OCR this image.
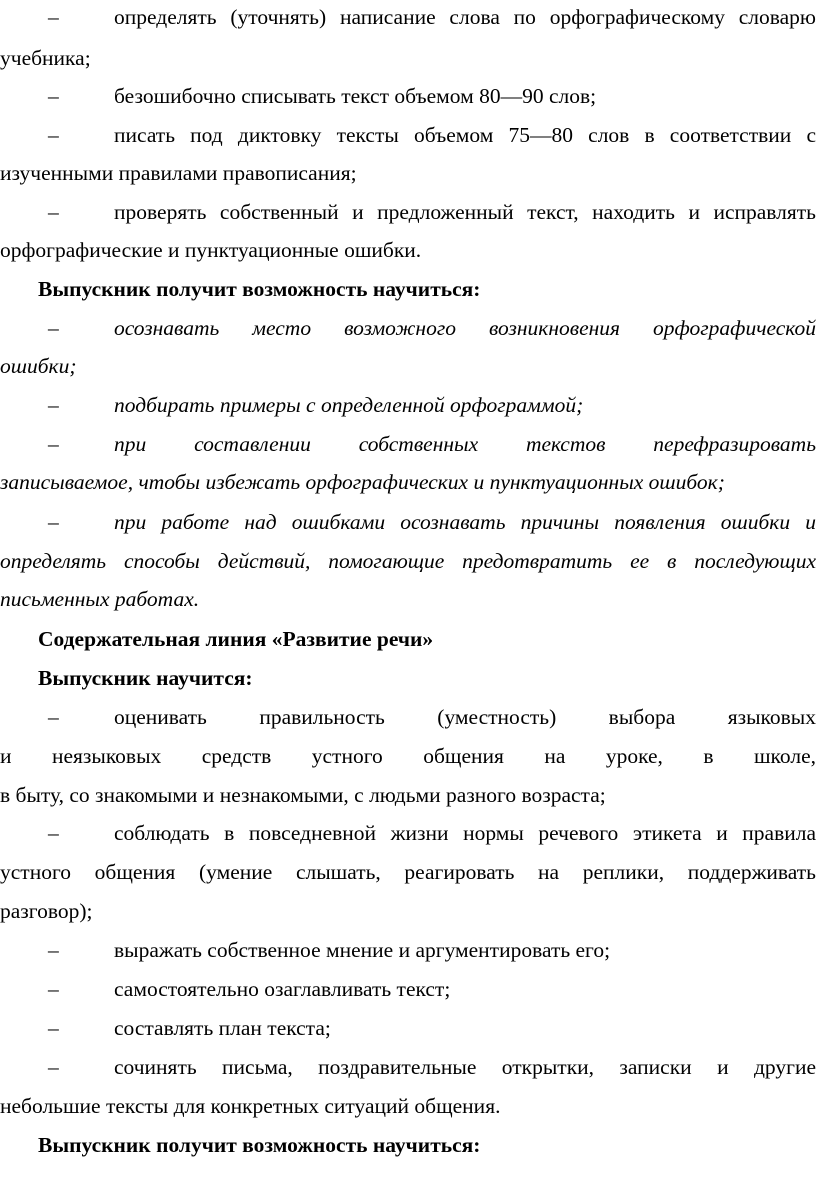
–	определять (уточнять) написание слова по орфографическому словарю
учебника;
–	безошибочно списывать текст объемом 80—90 слов;
–	писать под диктовку тексты объемом 75—80 слов в соответствии с
изученными правилами правописания;
–	проверять собственный и предложенный текст, находить и исправлять
орфографические и пунктуационные ошибки.
Выпускник получит возможность научиться:
–	осознавать место возможного возникновения орфографической
ошибки;
–	подбирать примеры с определенной орфограммой;
–	при составлении собственных текстов перефразировать
записываемое, чтобы избежать орфографических и пунктуационных ошибок;
–	при работе над ошибками осознавать причины появления ошибки и
определять способы действий, помогающие предотвратить ее в последующих
письменных работах.
Содержательная линия «Развитие речи»
Выпускник научится:
–	оценивать правильность (уместность) выбора языковых
и неязыковых средств устного общения на уроке, в школе,
в быту, со знакомыми и незнакомыми, с людьми разного возраста;
–	соблюдать в повседневной жизни нормы речевого этикета и правила
устного общения (умение слышать, реагировать на реплики, поддерживать
разговор);
–	выражать собственное мнение и аргументировать его;
–	самостоятельно озаглавливать текст;
–	составлять план текста;
–	сочинять письма, поздравительные открытки, записки и другие
небольшие тексты для конкретных ситуаций общения.
Выпускник получит возможность научиться:
